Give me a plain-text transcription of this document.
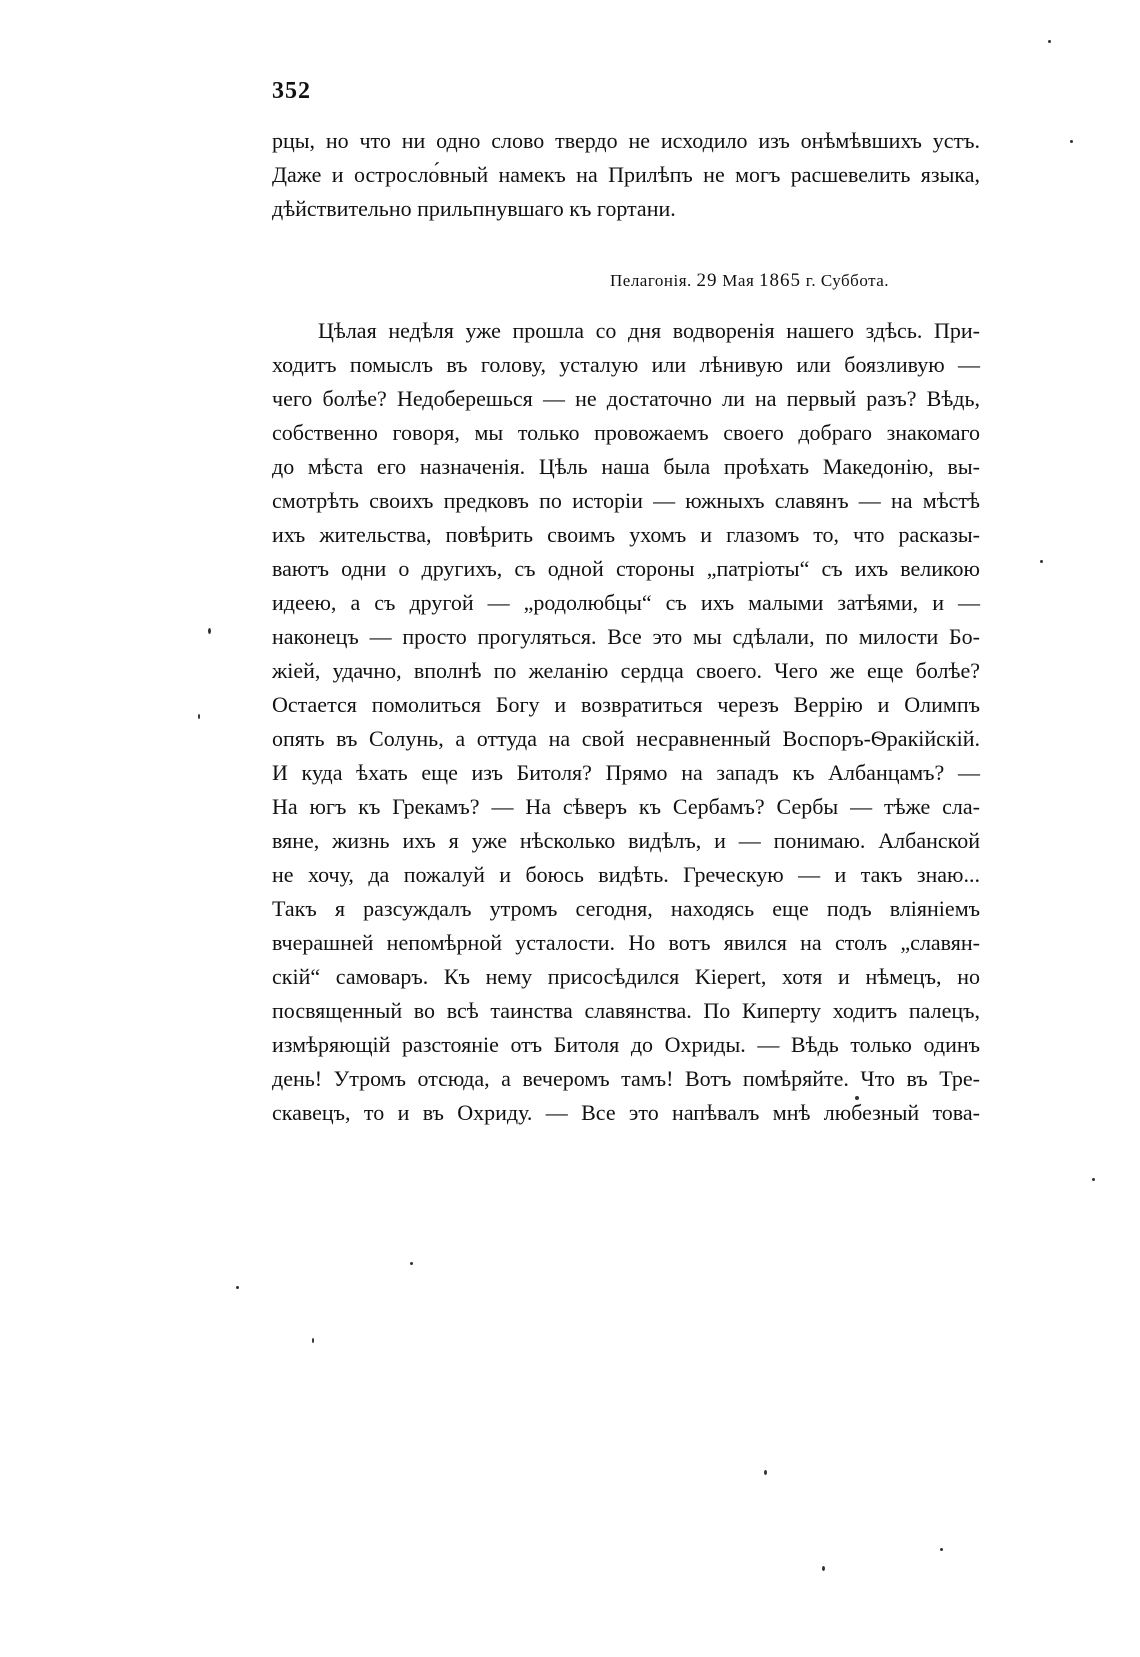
352
рцы, но что ни одно слово твердо не исходило изъ онѣмѣвшихъ устъ.
Даже и остросло́вный намекъ на Прилѣпъ не могъ расшевелить языка,
дѣйствительно прильпнувшаго къ гортани.
Пелагонія. 29 Мая 1865 г. Суббота.
Цѣлая недѣля уже прошла со дня водворенія нашего здѣсь. При-
ходитъ помыслъ въ голову, усталую или лѣнивую или боязливую —
чего болѣе? Недоберешься — не достаточно ли на первый разъ? Вѣдь,
собственно говоря, мы только провожаемъ своего добраго знакомаго
до мѣста его назначенія. Цѣль наша была проѣхать Македонію, вы-
смотрѣть своихъ предковъ по исторіи — южныхъ славянъ — на мѣстѣ
ихъ жительства, повѣрить своимъ ухомъ и глазомъ то, что расказы-
ваютъ одни о другихъ, съ одной стороны „патріоты“ съ ихъ великою
идеею, а съ другой — „родолюбцы“ съ ихъ малыми затѣями, и —
наконецъ — просто прогуляться. Все это мы сдѣлали, по милости Бо-
жіей, удачно, вполнѣ по желанію сердца своего. Чего же еще болѣе?
Остается помолиться Богу и возвратиться черезъ Веррію и Олимпъ
опять въ Солунь, а оттуда на свой несравненный Воспоръ-Ѳракійскій.
И куда ѣхать еще изъ Битоля? Прямо на западъ къ Албанцамъ? —
На югъ къ Грекамъ? — На сѣверъ къ Сербамъ? Сербы — тѣже сла-
вяне, жизнь ихъ я уже нѣсколько видѣлъ, и — понимаю. Албанской
не хочу, да пожалуй и боюсь видѣть. Греческую — и такъ знаю...
Такъ я разсуждалъ утромъ сегодня, находясь еще подъ вліяніемъ
вчерашней непомѣрной усталости. Но вотъ явился на столъ „славян-
скій“ самоваръ. Къ нему присосѣдился Kiepert, хотя и нѣмецъ, но
посвященный во всѣ таинства славянства. По Киперту ходитъ палецъ,
измѣряющій разстояніе отъ Битоля до Охриды. — Вѣдь только одинъ
день! Утромъ отсюда, а вечеромъ тамъ! Вотъ помѣряйте. Что въ Тре-
скавецъ, то и въ Охриду. — Все это напѣвалъ мнѣ любезный това-
